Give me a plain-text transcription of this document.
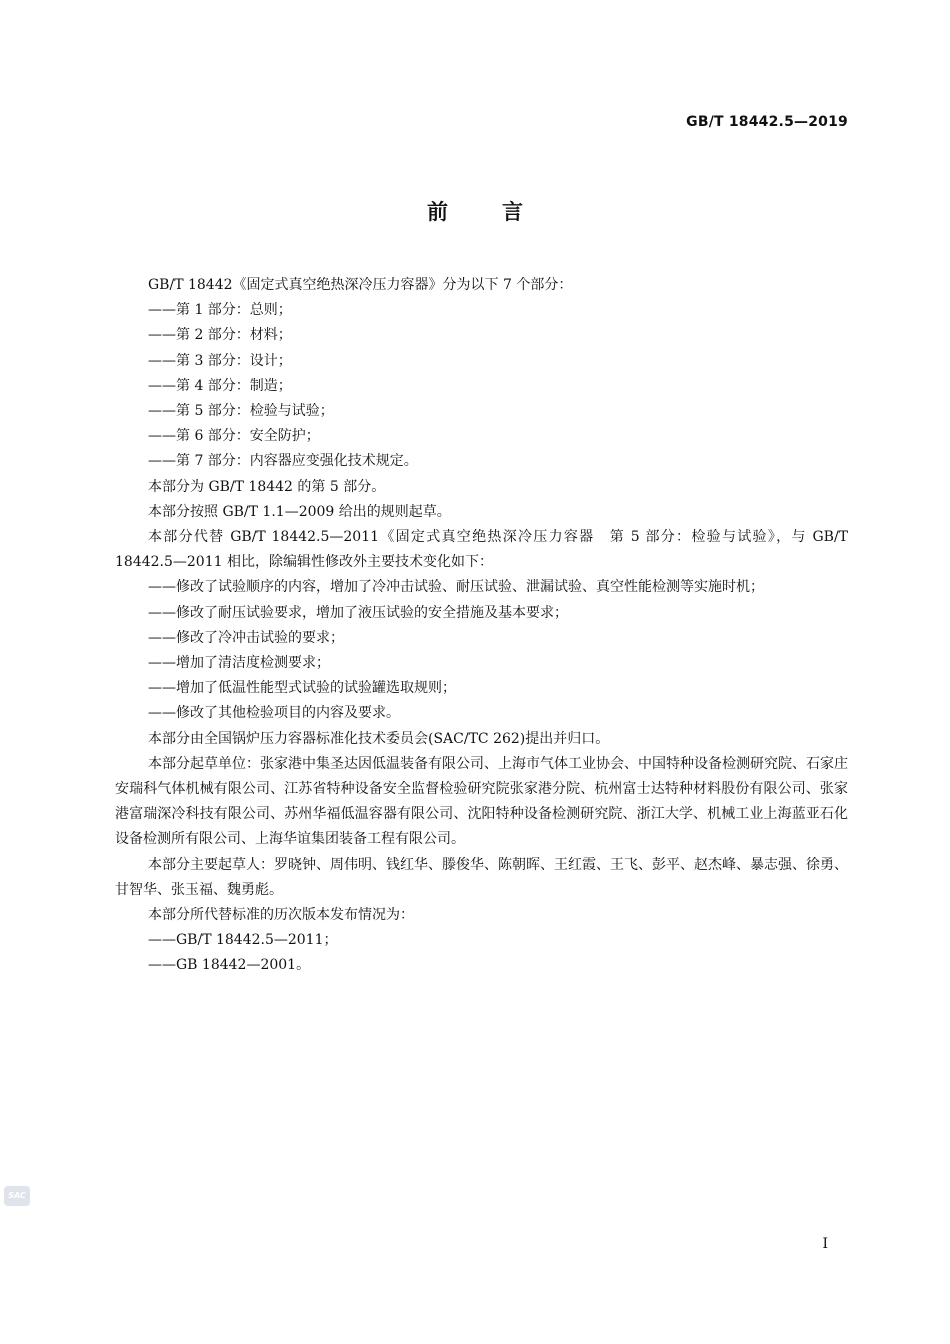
GB/T 18442.5—2019
前言

GB/T 18442《固定式真空绝热深冷压力容器》分为以下 7 个部分：

——第 1 部分：总则；

——第 2 部分：材料；

——第 3 部分：设计；

——第 4 部分：制造；

——第 5 部分：检验与试验；

——第 6 部分：安全防护；

——第 7 部分：内容器应变强化技术规定。

本部分为 GB/T 18442 的第 5 部分。

本部分按照 GB/T 1.1—2009 给出的规则起草。

本部分代替 GB/T 18442.5—2011《固定式真空绝热深冷压力容器　第 5 部分：检验与试验》，与 GB/T 18442.5—2011 相比，除编辑性修改外主要技术变化如下：

——修改了试验顺序的内容，增加了冷冲击试验、耐压试验、泄漏试验、真空性能检测等实施时机；

——修改了耐压试验要求，增加了液压试验的安全措施及基本要求；

——修改了冷冲击试验的要求；

——增加了清洁度检测要求；

——增加了低温性能型式试验的试验罐选取规则；

——修改了其他检验项目的内容及要求。

本部分由全国锅炉压力容器标准化技术委员会(SAC/TC 262)提出并归口。

本部分起草单位：张家港中集圣达因低温装备有限公司、上海市气体工业协会、中国特种设备检测研究院、石家庄安瑞科气体机械有限公司、江苏省特种设备安全监督检验研究院张家港分院、杭州富士达特种材料股份有限公司、张家港富瑞深冷科技有限公司、苏州华福低温容器有限公司、沈阳特种设备检测研究院、浙江大学、机械工业上海蓝亚石化设备检测所有限公司、上海华谊集团装备工程有限公司。

本部分主要起草人：罗晓钟、周伟明、钱红华、滕俊华、陈朝晖、王红霞、王飞、彭平、赵杰峰、暴志强、徐勇、甘智华、张玉福、魏勇彪。

本部分所代替标准的历次版本发布情况为：

——GB/T 18442.5—2011；

——GB 18442—2001。

SAC
I
